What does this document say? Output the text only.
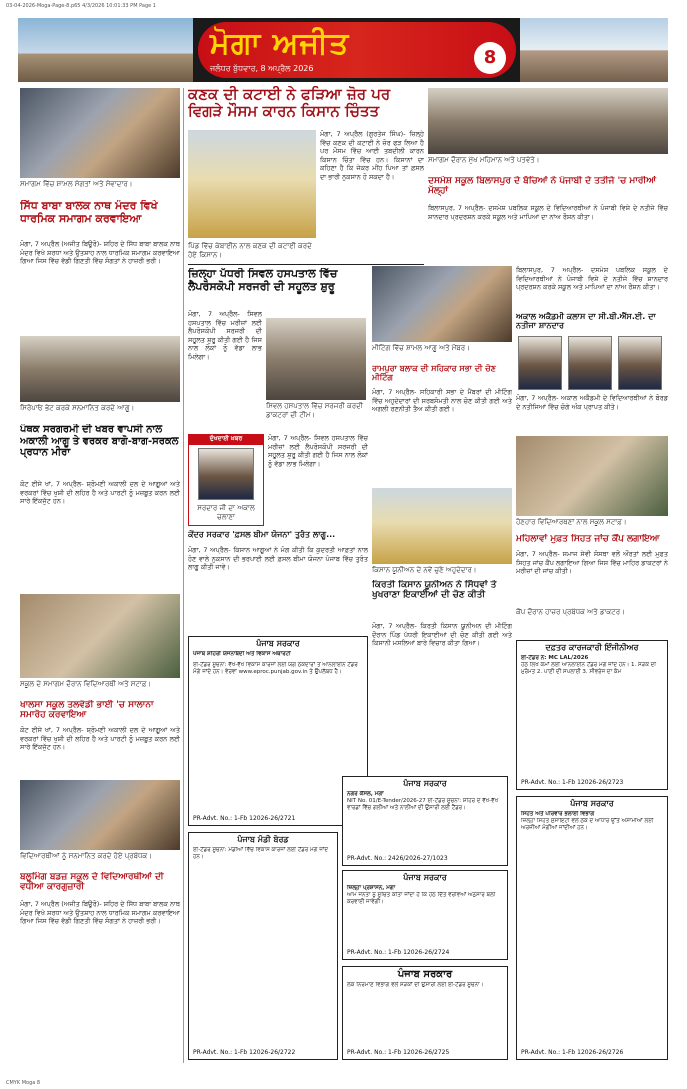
03-04-2026-Moga-Page-8.p65 4/3/2026 10:01:33 PM Page 1
ਮੋਗਾ ਅਜੀਤ
ਜਲੰਧਰ ਬੁੱਧਵਾਰ, 8 ਅਪ੍ਰੈਲ 2026
8
ਸਮਾਗਮ ਵਿੱਚ ਸ਼ਾਮਲ ਸੰਗਤਾਂ ਅਤੇ ਸੇਵਾਦਾਰ।
ਸਿੱਧ ਬਾਬਾ ਬਾਲਕ ਨਾਥ ਮੰਦਰ ਵਿਖੇ ਧਾਰਮਿਕ ਸਮਾਗਮ ਕਰਵਾਇਆ
ਮੋਗਾ, 7 ਅਪ੍ਰੈਲ (ਅਜੀਤ ਬਿਊਰੋ)- ਸ਼ਹਿਰ ਦੇ ਸਿੱਧ ਬਾਬਾ ਬਾਲਕ ਨਾਥ ਮੰਦਰ ਵਿਖੇ ਸ਼ਰਧਾ ਅਤੇ ਉਤਸ਼ਾਹ ਨਾਲ ਧਾਰਮਿਕ ਸਮਾਗਮ ਕਰਵਾਇਆ ਗਿਆ ਜਿਸ ਵਿੱਚ ਵੱਡੀ ਗਿਣਤੀ ਵਿੱਚ ਸੰਗਤਾਂ ਨੇ ਹਾਜ਼ਰੀ ਭਰੀ।
ਸਿਰੋਪਾਓ ਭੇਟ ਕਰਕੇ ਸਨਮਾਨਿਤ ਕਰਦੇ ਆਗੂ।
ਪੰਥਕ ਸਰਗਰਮੀ ਦੀ ਖਬਰ ਵਾਪਸੀ ਨਾਲ ਅਕਾਲੀ ਆਗੂ ਤੇ ਵਰਕਰ ਬਾਗੋ-ਬਾਗ-ਸਰਕਲ ਪ੍ਰਧਾਨ ਮੀਰਾ
ਕੋਟ ਈਸੇ ਖਾਂ, 7 ਅਪ੍ਰੈਲ- ਸ਼੍ਰੋਮਣੀ ਅਕਾਲੀ ਦਲ ਦੇ ਆਗੂਆਂ ਅਤੇ ਵਰਕਰਾਂ ਵਿੱਚ ਖੁਸ਼ੀ ਦੀ ਲਹਿਰ ਹੈ ਅਤੇ ਪਾਰਟੀ ਨੂੰ ਮਜ਼ਬੂਤ ਕਰਨ ਲਈ ਸਾਰੇ ਇੱਕਜੁੱਟ ਹਨ।
ਸਕੂਲ ਦੇ ਸਮਾਗਮ ਦੌਰਾਨ ਵਿਦਿਆਰਥੀ ਅਤੇ ਸਟਾਫ਼।
ਖਾਲਸਾ ਸਕੂਲ ਤਲਵੰਡੀ ਭਾਈ 'ਚ ਸਾਲਾਨਾ ਸਮਾਰੋਹ ਕਰਵਾਇਆ
ਕੋਟ ਈਸੇ ਖਾਂ, 7 ਅਪ੍ਰੈਲ- ਸ਼੍ਰੋਮਣੀ ਅਕਾਲੀ ਦਲ ਦੇ ਆਗੂਆਂ ਅਤੇ ਵਰਕਰਾਂ ਵਿੱਚ ਖੁਸ਼ੀ ਦੀ ਲਹਿਰ ਹੈ ਅਤੇ ਪਾਰਟੀ ਨੂੰ ਮਜ਼ਬੂਤ ਕਰਨ ਲਈ ਸਾਰੇ ਇੱਕਜੁੱਟ ਹਨ।
ਵਿਦਿਆਰਥੀਆਂ ਨੂੰ ਸਨਮਾਨਿਤ ਕਰਦੇ ਹੋਏ ਪ੍ਰਬੰਧਕ।
ਬਲੂਮਿੰਗ ਬਡਜ਼ ਸਕੂਲ ਦੇ ਵਿਦਿਆਰਥੀਆਂ ਦੀ ਵਧੀਆ ਕਾਰਗੁਜ਼ਾਰੀ
ਮੋਗਾ, 7 ਅਪ੍ਰੈਲ (ਅਜੀਤ ਬਿਊਰੋ)- ਸ਼ਹਿਰ ਦੇ ਸਿੱਧ ਬਾਬਾ ਬਾਲਕ ਨਾਥ ਮੰਦਰ ਵਿਖੇ ਸ਼ਰਧਾ ਅਤੇ ਉਤਸ਼ਾਹ ਨਾਲ ਧਾਰਮਿਕ ਸਮਾਗਮ ਕਰਵਾਇਆ ਗਿਆ ਜਿਸ ਵਿੱਚ ਵੱਡੀ ਗਿਣਤੀ ਵਿੱਚ ਸੰਗਤਾਂ ਨੇ ਹਾਜ਼ਰੀ ਭਰੀ।
ਕਣਕ ਦੀ ਕਟਾਈ ਨੇ ਫੜਿਆ ਜ਼ੋਰ ਪਰ ਵਿਗੜੇ ਮੌਸਮ ਕਾਰਨ ਕਿਸਾਨ ਚਿੰਤਤ
ਮੋਗਾ, 7 ਅਪ੍ਰੈਲ (ਗੁਰਤੇਜ ਸਿੰਘ)- ਜ਼ਿਲ੍ਹੇ ਵਿੱਚ ਕਣਕ ਦੀ ਕਟਾਈ ਨੇ ਜ਼ੋਰ ਫੜ ਲਿਆ ਹੈ ਪਰ ਮੌਸਮ ਵਿੱਚ ਆਈ ਤਬਦੀਲੀ ਕਾਰਨ ਕਿਸਾਨ ਚਿੰਤਾ ਵਿੱਚ ਹਨ। ਕਿਸਾਨਾਂ ਦਾ ਕਹਿਣਾ ਹੈ ਕਿ ਜੇਕਰ ਮੀਂਹ ਪਿਆ ਤਾਂ ਫ਼ਸਲ ਦਾ ਭਾਰੀ ਨੁਕਸਾਨ ਹੋ ਸਕਦਾ ਹੈ।
ਪਿੰਡ ਵਿੱਚ ਕੰਬਾਈਨ ਨਾਲ ਕਣਕ ਦੀ ਕਟਾਈ ਕਰਦੇ ਹੋਏ ਕਿਸਾਨ।
ਜ਼ਿਲ੍ਹਾ ਪੱਧਰੀ ਸਿਵਲ ਹਸਪਤਾਲ ਵਿੱਚ ਲੈਪਰੋਸਕੋਪੀ ਸਰਜਰੀ ਦੀ ਸਹੂਲਤ ਸ਼ੁਰੂ
ਮੋਗਾ, 7 ਅਪ੍ਰੈਲ- ਸਿਵਲ ਹਸਪਤਾਲ ਵਿੱਚ ਮਰੀਜ਼ਾਂ ਲਈ ਲੈਪਰੋਸਕੋਪੀ ਸਰਜਰੀ ਦੀ ਸਹੂਲਤ ਸ਼ੁਰੂ ਕੀਤੀ ਗਈ ਹੈ ਜਿਸ ਨਾਲ ਲੋਕਾਂ ਨੂੰ ਵੱਡਾ ਲਾਭ ਮਿਲੇਗਾ।
ਸਿਵਲ ਹਸਪਤਾਲ ਵਿੱਚ ਸਰਜਰੀ ਕਰਦੀ ਡਾਕਟਰਾਂ ਦੀ ਟੀਮ।
ਦੁੱਖਦਾਈ ਖ਼ਬਰ
ਸਰਦਾਰ ਜੀ ਦਾ ਅਕਾਲ ਚਲਾਣਾ
ਮੋਗਾ, 7 ਅਪ੍ਰੈਲ- ਸਿਵਲ ਹਸਪਤਾਲ ਵਿੱਚ ਮਰੀਜ਼ਾਂ ਲਈ ਲੈਪਰੋਸਕੋਪੀ ਸਰਜਰੀ ਦੀ ਸਹੂਲਤ ਸ਼ੁਰੂ ਕੀਤੀ ਗਈ ਹੈ ਜਿਸ ਨਾਲ ਲੋਕਾਂ ਨੂੰ ਵੱਡਾ ਲਾਭ ਮਿਲੇਗਾ।
ਕੇਂਦਰ ਸਰਕਾਰ 'ਫ਼ਸਲ ਬੀਮਾ ਯੋਜਨਾ' ਤੁਰੰਤ ਲਾਗੂ...
ਮੋਗਾ, 7 ਅਪ੍ਰੈਲ- ਕਿਸਾਨ ਆਗੂਆਂ ਨੇ ਮੰਗ ਕੀਤੀ ਕਿ ਕੁਦਰਤੀ ਆਫ਼ਤਾਂ ਨਾਲ ਹੋਣ ਵਾਲੇ ਨੁਕਸਾਨ ਦੀ ਭਰਪਾਈ ਲਈ ਫ਼ਸਲ ਬੀਮਾ ਯੋਜਨਾ ਪੰਜਾਬ ਵਿੱਚ ਤੁਰੰਤ ਲਾਗੂ ਕੀਤੀ ਜਾਵੇ।
ਸਮਾਗਮ ਦੌਰਾਨ ਮੁੱਖ ਮਹਿਮਾਨ ਅਤੇ ਪਤਵੰਤੇ।
ਦਸਮੇਸ਼ ਸਕੂਲ ਬਿਲਾਸਪੁਰ ਦੇ ਬੱਚਿਆਂ ਨੇ ਪੰਜਾਬੀ ਦੇ ਤਤੀਜੇ 'ਚ ਮਾਰੀਆਂ ਮੱਲ੍ਹਾਂ
ਬਿਲਾਸਪੁਰ, 7 ਅਪ੍ਰੈਲ- ਦਸਮੇਸ਼ ਪਬਲਿਕ ਸਕੂਲ ਦੇ ਵਿਦਿਆਰਥੀਆਂ ਨੇ ਪੰਜਾਬੀ ਵਿਸ਼ੇ ਦੇ ਨਤੀਜੇ ਵਿੱਚ ਸ਼ਾਨਦਾਰ ਪ੍ਰਦਰਸ਼ਨ ਕਰਕੇ ਸਕੂਲ ਅਤੇ ਮਾਪਿਆਂ ਦਾ ਨਾਂਅ ਰੌਸ਼ਨ ਕੀਤਾ।
ਮੀਟਿੰਗ ਵਿੱਚ ਸ਼ਾਮਲ ਆਗੂ ਅਤੇ ਮੈਂਬਰ।
ਰਾਮਪੁਰਾ ਬਲਾਕ ਦੀ ਸਹਿਕਾਰ ਸਭਾ ਦੀ ਚੋਣ ਮੀਟਿੰਗ
ਮੋਗਾ, 7 ਅਪ੍ਰੈਲ- ਸਹਿਕਾਰੀ ਸਭਾ ਦੇ ਮੈਂਬਰਾਂ ਦੀ ਮੀਟਿੰਗ ਵਿੱਚ ਅਹੁਦੇਦਾਰਾਂ ਦੀ ਸਰਬਸੰਮਤੀ ਨਾਲ ਚੋਣ ਕੀਤੀ ਗਈ ਅਤੇ ਅਗਲੀ ਰਣਨੀਤੀ ਤੈਅ ਕੀਤੀ ਗਈ।
ਬਿਲਾਸਪੁਰ, 7 ਅਪ੍ਰੈਲ- ਦਸਮੇਸ਼ ਪਬਲਿਕ ਸਕੂਲ ਦੇ ਵਿਦਿਆਰਥੀਆਂ ਨੇ ਪੰਜਾਬੀ ਵਿਸ਼ੇ ਦੇ ਨਤੀਜੇ ਵਿੱਚ ਸ਼ਾਨਦਾਰ ਪ੍ਰਦਰਸ਼ਨ ਕਰਕੇ ਸਕੂਲ ਅਤੇ ਮਾਪਿਆਂ ਦਾ ਨਾਂਅ ਰੌਸ਼ਨ ਕੀਤਾ।
ਅਕਾਲ ਅਕੈਡਮੀ ਕਲਾਸ ਦਾ ਸੀ.ਬੀ.ਐੱਸ.ਈ. ਦਾ ਨਤੀਜਾ ਸ਼ਾਨਦਾਰ
ਮੋਗਾ, 7 ਅਪ੍ਰੈਲ- ਅਕਾਲ ਅਕੈਡਮੀ ਦੇ ਵਿਦਿਆਰਥੀਆਂ ਨੇ ਬੋਰਡ ਦੇ ਨਤੀਜਿਆਂ ਵਿੱਚ ਚੰਗੇ ਅੰਕ ਪ੍ਰਾਪਤ ਕੀਤੇ।
ਹੋਣਹਾਰ ਵਿਦਿਆਰਥਣਾਂ ਨਾਲ ਸਕੂਲ ਸਟਾਫ਼।
ਕਿਸਾਨ ਯੂਨੀਅਨ ਦੇ ਨਵੇਂ ਚੁਣੇ ਅਹੁਦੇਦਾਰ।
ਕਿਰਤੀ ਕਿਸਾਨ ਯੂਨੀਅਨ ਨੇ ਸਿੱਧਵਾਂ ਤੇ ਖੁਖਰਾਣਾ ਇਕਾਈਆਂ ਦੀ ਚੋਣ ਕੀਤੀ
ਮੋਗਾ, 7 ਅਪ੍ਰੈਲ- ਕਿਰਤੀ ਕਿਸਾਨ ਯੂਨੀਅਨ ਦੀ ਮੀਟਿੰਗ ਦੌਰਾਨ ਪਿੰਡ ਪੱਧਰੀ ਇਕਾਈਆਂ ਦੀ ਚੋਣ ਕੀਤੀ ਗਈ ਅਤੇ ਕਿਸਾਨੀ ਮਸਲਿਆਂ ਬਾਰੇ ਵਿਚਾਰ ਕੀਤਾ ਗਿਆ।
ਮਹਿਲਾਵਾਂ ਮੁਫ਼ਤ ਸਿਹਤ ਜਾਂਚ ਕੈਂਪ ਲਗਾਇਆ
ਮੋਗਾ, 7 ਅਪ੍ਰੈਲ- ਸਮਾਜ ਸੇਵੀ ਸੰਸਥਾ ਵਲੋਂ ਔਰਤਾਂ ਲਈ ਮੁਫ਼ਤ ਸਿਹਤ ਜਾਂਚ ਕੈਂਪ ਲਗਾਇਆ ਗਿਆ ਜਿਸ ਵਿੱਚ ਮਾਹਿਰ ਡਾਕਟਰਾਂ ਨੇ ਮਰੀਜ਼ਾਂ ਦੀ ਜਾਂਚ ਕੀਤੀ।
ਕੈਂਪ ਦੌਰਾਨ ਹਾਜ਼ਰ ਪ੍ਰਬੰਧਕ ਅਤੇ ਡਾਕਟਰ।
ਪੰਜਾਬ ਸਰਕਾਰ
ਪੰਜਾਬ ਸ਼ਹਿਰੀ ਯੋਜਨਾਬੰਦੀ ਅਤੇ ਵਿਕਾਸ ਅਥਾਰਟੀ
ਈ-ਟੈਂਡਰ ਸੂਚਨਾ: ਵੱਖ-ਵੱਖ ਵਿਕਾਸ ਕਾਰਜਾਂ ਲਈ ਯੋਗ ਠੇਕੇਦਾਰਾਂ ਤੋਂ ਆਨਲਾਈਨ ਟੈਂਡਰ ਮੰਗੇ ਜਾਂਦੇ ਹਨ। ਵੇਰਵਾ www.eproc.punjab.gov.in ਤੇ ਉਪਲੱਬਧ ਹੈ।
PR-Advt. No.: 1-Fb 12026-26/2721
ਪੰਜਾਬ ਸਰਕਾਰ
ਨਗਰ ਕੌਂਸਲ, ਮੋਗਾ
NIT No. 01/E-Tender/2026-27 ਈ-ਟੈਂਡਰ ਸੂਚਨਾ: ਸ਼ਹਿਰ ਦੇ ਵੱਖ-ਵੱਖ ਵਾਰਡਾਂ ਵਿੱਚ ਗਲੀਆਂ ਅਤੇ ਨਾਲੀਆਂ ਦੀ ਉਸਾਰੀ ਲਈ ਟੈਂਡਰ।
PR-Advt. No.: 2426/2026-27/1023
ਦਫ਼ਤਰ ਕਾਰਜਕਾਰੀ ਇੰਜੀਨੀਅਰ
ਈ-ਟੈਂਡਰ ਨੰ: MC LAL/2026
ਹੇਠ ਲਿਖੇ ਕੰਮਾਂ ਲਈ ਆਨਲਾਈਨ ਟੈਂਡਰ ਮੰਗੇ ਜਾਂਦੇ ਹਨ। 1. ਸੜਕ ਦੀ ਮੁਰੰਮਤ 2. ਪਾਣੀ ਦੀ ਸਪਲਾਈ 3. ਸੀਵਰੇਜ ਦਾ ਕੰਮ
PR-Advt. No.: 1-Fb 12026-26/2723
ਪੰਜਾਬ ਸਰਕਾਰ
ਜ਼ਿਲ੍ਹਾ ਪ੍ਰਸ਼ਾਸਨ, ਮੋਗਾ
ਆਮ ਜਨਤਾ ਨੂੰ ਸੂਚਿਤ ਕੀਤਾ ਜਾਂਦਾ ਹੈ ਕਿ ਹੇਠ ਦਿੱਤੇ ਵੇਰਵਿਆਂ ਅਨੁਸਾਰ ਬੋਲੀ ਕਰਵਾਈ ਜਾਵੇਗੀ।
PR-Advt. No.: 1-Fb 12026-26/2724
ਪੰਜਾਬ ਮੰਡੀ ਬੋਰਡ
ਈ-ਟੈਂਡਰ ਸੂਚਨਾ: ਮੰਡੀਆਂ ਵਿੱਚ ਵਿਕਾਸ ਕਾਰਜਾਂ ਲਈ ਟੈਂਡਰ ਮੰਗੇ ਜਾਂਦੇ ਹਨ।
PR-Advt. No.: 1-Fb 12026-26/2722
ਪੰਜਾਬ ਸਰਕਾਰ
ਲੋਕ ਨਿਰਮਾਣ ਵਿਭਾਗ ਵਲੋਂ ਸੜਕਾਂ ਦੀ ਉਸਾਰੀ ਲਈ ਈ-ਟੈਂਡਰ ਸੂਚਨਾ।
PR-Advt. No.: 1-Fb 12026-26/2725
ਪੰਜਾਬ ਸਰਕਾਰ
ਸਿਹਤ ਅਤੇ ਪਰਿਵਾਰ ਭਲਾਈ ਵਿਭਾਗ
ਜ਼ਿਲ੍ਹਾ ਸਿਹਤ ਸੁਸਾਇਟੀ ਵਲੋਂ ਠੇਕੇ ਦੇ ਆਧਾਰ ਉੱਤੇ ਅਸਾਮੀਆਂ ਲਈ ਅਰਜ਼ੀਆਂ ਮੰਗੀਆਂ ਜਾਂਦੀਆਂ ਹਨ।
PR-Advt. No.: 1-Fb 12026-26/2726
CMYK Moga 8
